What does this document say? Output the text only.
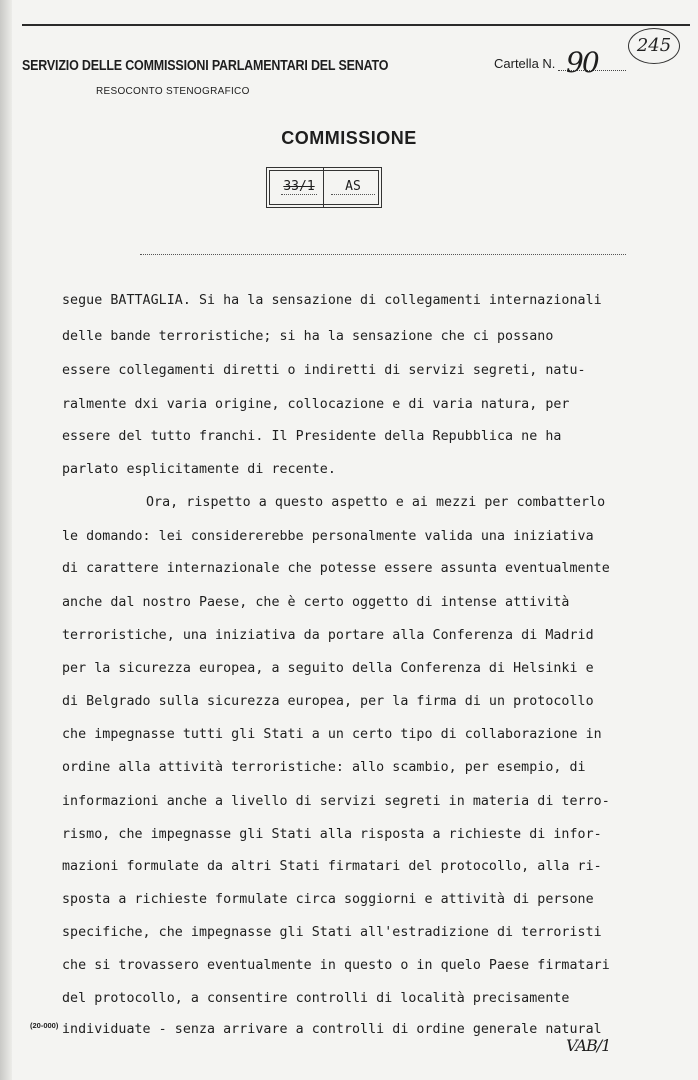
245
SERVIZIO DELLE COMMISSIONI PARLAMENTARI DEL SENATO
RESOCONTO STENOGRAFICO
Cartella N. 90
COMMISSIONE
33/1	AS
segue BATTAGLIA. Si ha la sensazione di collegamenti internazionali
delle bande terroristiche; si ha la sensazione che ci possano
essere collegamenti diretti o indiretti di servizi segreti, natu-
ralmente dxi varia origine, collocazione e di varia natura, per
essere del tutto franchi. Il Presidente della Repubblica ne ha
parlato esplicitamente di recente.
Ora, rispetto a questo aspetto e ai mezzi per combatterlo
le domando: lei considererebbe personalmente valida una iniziativa
di carattere internazionale che potesse essere assunta eventualmente
anche dal nostro Paese, che è certo oggetto di intense attività
terroristiche, una iniziativa da portare alla Conferenza di Madrid
per la sicurezza europea, a seguito della Conferenza di Helsinki e
di Belgrado sulla sicurezza europea, per la firma di un protocollo
che impegnasse tutti gli Stati a un certo tipo di collaborazione in
ordine alla attività terroristiche: allo scambio, per esempio, di
informazioni anche a livello di servizi segreti in materia di terro-
rismo, che impegnasse gli Stati alla risposta a richieste di infor-
mazioni formulate da altri Stati firmatari del protocollo, alla ri-
sposta a richieste formulate circa soggiorni e attività di persone
specifiche, che impegnasse gli Stati all'estradizione di terroristi
che si trovassero eventualmente in questo o in quelo Paese firmatari
del protocollo, a consentire controlli di località precisamente
individuate - senza arrivare a controlli di ordine generale natural
(20-000)
VAB/1
